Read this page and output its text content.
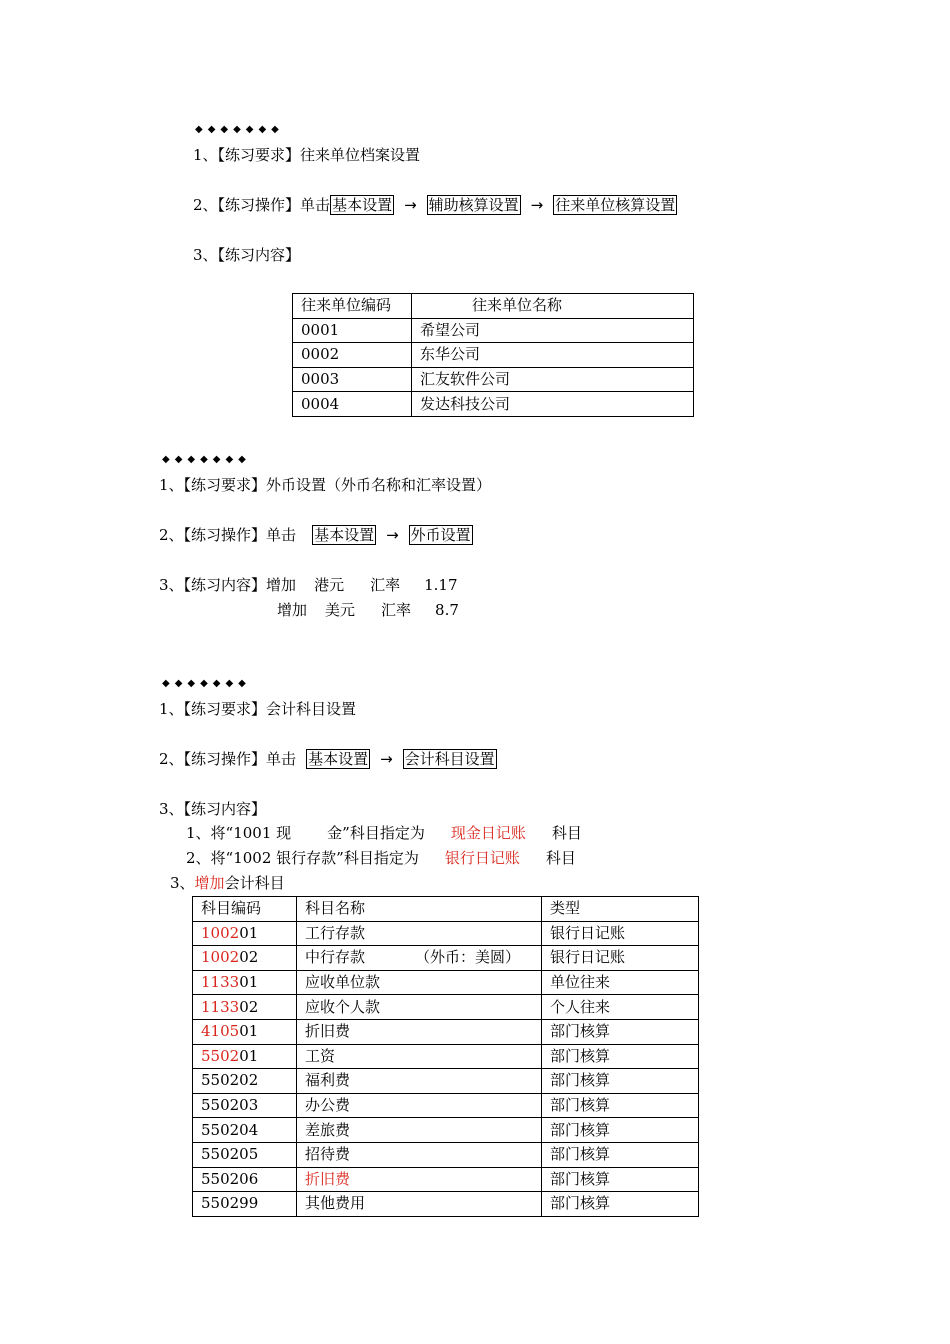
◆◆◆◆◆◆◆
1、【练习要求】往来单位档案设置
2、【练习操作】单击 基本设置 → 辅助核算设置 → 往来单位核算设置
3、【练习内容】
往来单位编码	往来单位名称
0001	希望公司
0002	东华公司
0003	汇友软件公司
0004	发达科技公司
◆◆◆◆◆◆◆
1、【练习要求】外币设置（外币名称和汇率设置）
2、【练习操作】单击 基本设置 → 外币设置
3、【练习内容】增加 港元 汇率 1.17
增加 美元 汇率 8.7
◆◆◆◆◆◆◆
1、【练习要求】会计科目设置
2、【练习操作】单击 基本设置 → 会计科目设置
3、【练习内容】
1、将“1001 现 金”科目指定为 现金日记账 科目
2、将“1002 银行存款”科目指定为 银行日记账 科目
3、增加会计科目
科目编码	科目名称	类型
100201	工行存款	银行日记账
100202	中行存款 （外币：美圆）	银行日记账
113301	应收单位款	单位往来
113302	应收个人款	个人往来
410501	折旧费	部门核算
550201	工资	部门核算
550202	福利费	部门核算
550203	办公费	部门核算
550204	差旅费	部门核算
550205	招待费	部门核算
550206	折旧费	部门核算
550299	其他费用	部门核算
